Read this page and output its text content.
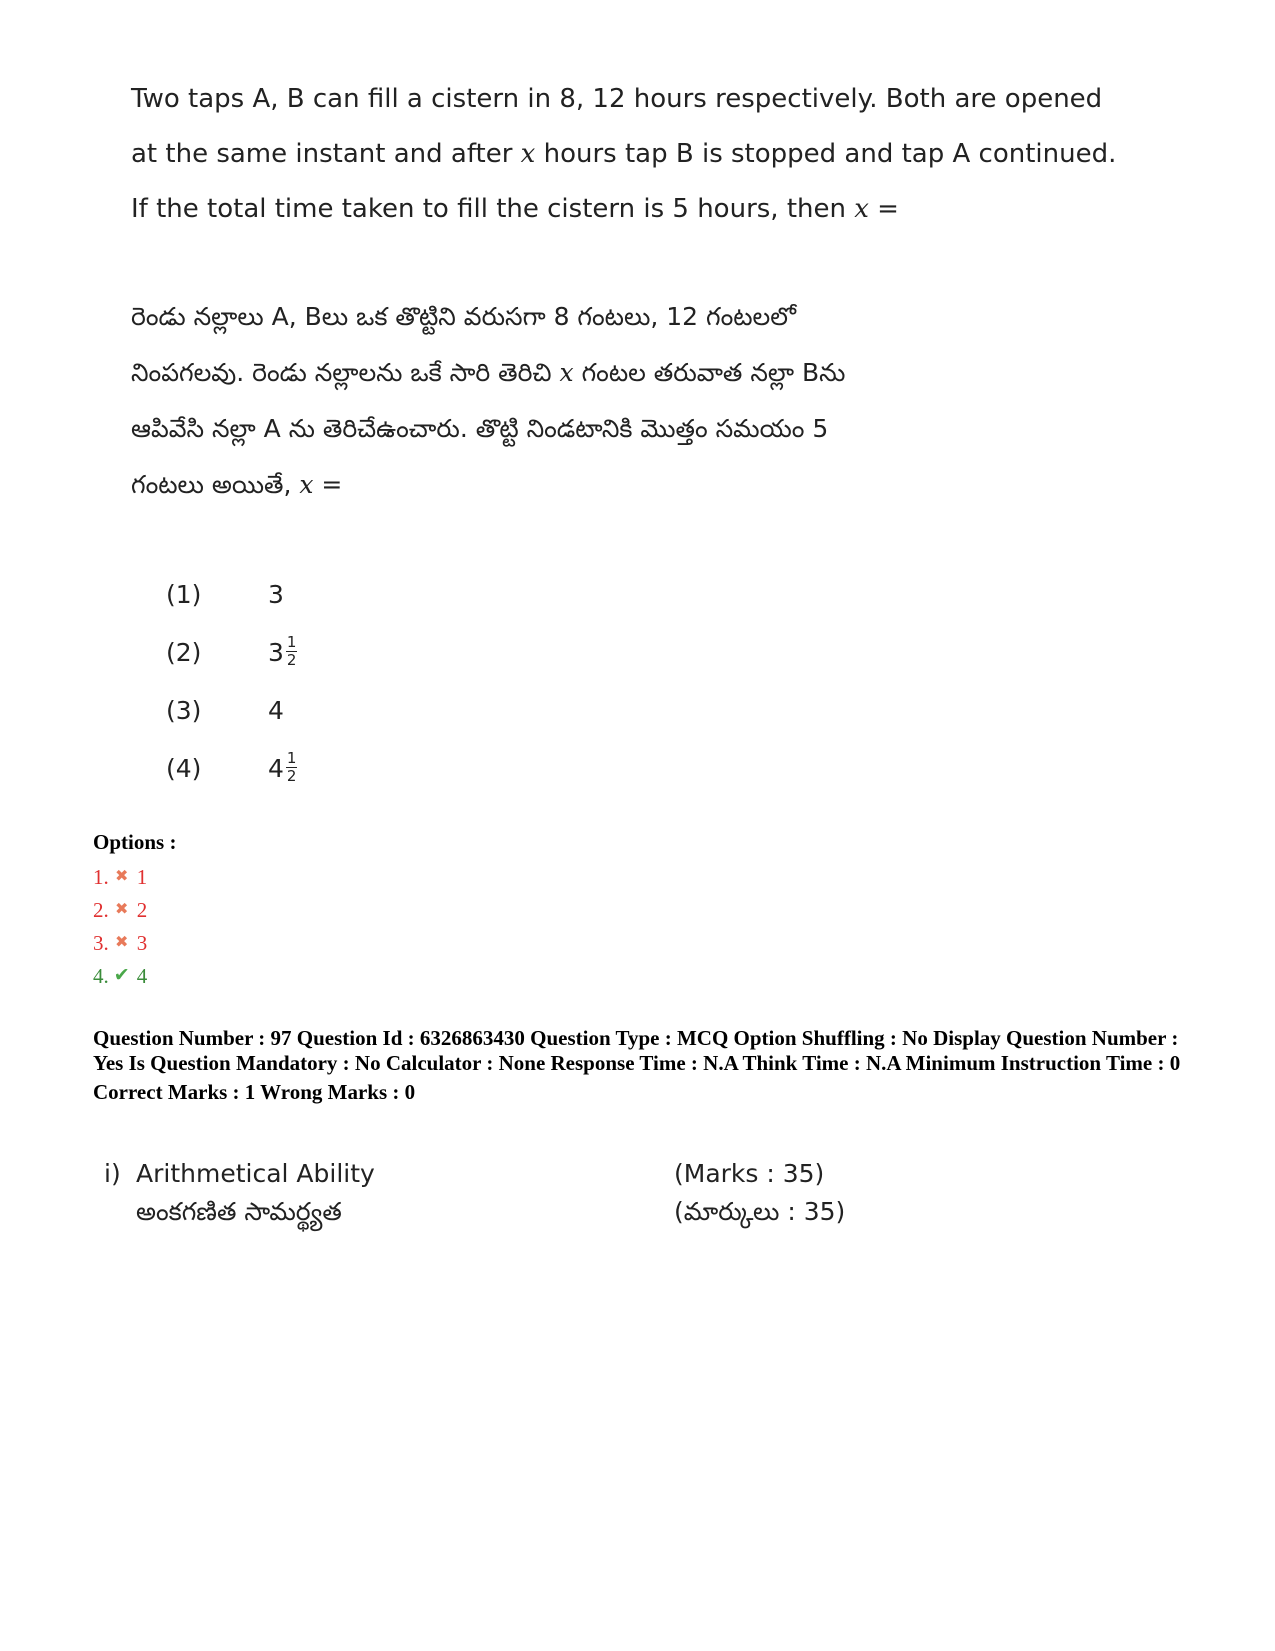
Two taps A, B can fill a cistern in 8, 12 hours respectively. Both are opened
at the same instant and after x hours tap B is stopped and tap A continued.
If the total time taken to fill the cistern is 5 hours, then x =
రెండు నల్లాలు A, Bలు ఒక తొట్టిని వరుసగా 8 గంటలు, 12 గంటలలో
నింపగలవు. రెండు నల్లాలను ఒకే సారి తెరిచి x గంటల తరువాత నల్లా Bను
ఆపివేసి నల్లా A ను తెరిచేఉంచారు. తొట్టి నిండటానికి మొత్తం సమయం 5
గంటలు అయితే, x =
(1)	3
(2)	$3 \frac{1}{2}$
(3)	4
(4)	$4 \frac{1}{2}$
Options :
1. ✖ 1
2. ✖ 2
3. ✖ 3
4. ✔ 4
Question Number : 97 Question Id : 6326863430 Question Type : MCQ Option Shuffling : No Display Question Number : Yes Is Question Mandatory : No Calculator : None Response Time : N.A Think Time : N.A Minimum Instruction Time : 0
Correct Marks : 1 Wrong Marks : 0
i) Arithmetical Ability	(Marks : 35)
అంకగణిత సామర్థ్యత	(మార్కులు : 35)
